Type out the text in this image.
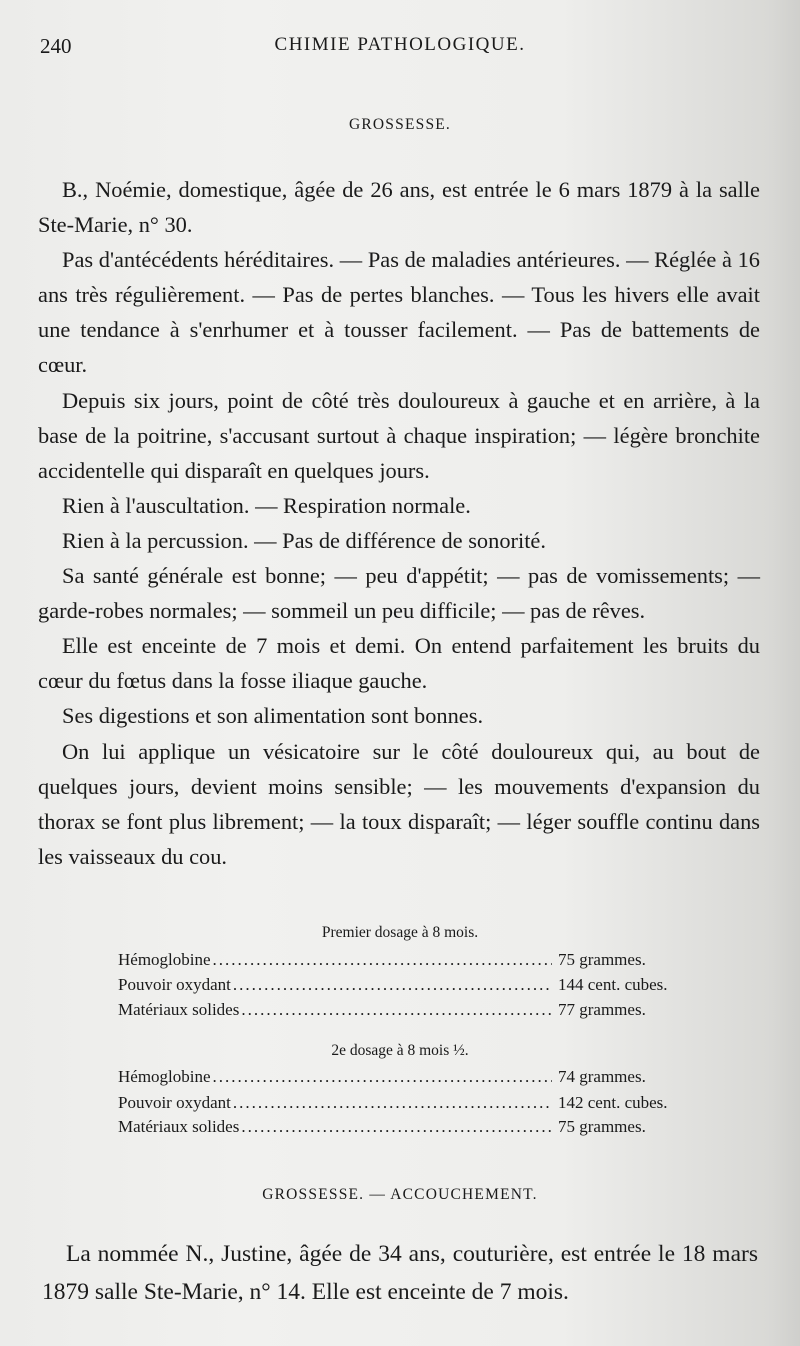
240	CHIMIE PATHOLOGIQUE.
GROSSESSE.

B., Noémie, domestique, âgée de 26 ans, est entrée le 6 mars 1879 à la salle Ste-Marie, n° 30.

Pas d'antécédents héréditaires. — Pas de maladies antérieures. — Réglée à 16 ans très régulièrement. — Pas de pertes blanches. — Tous les hivers elle avait une tendance à s'enrhumer et à tousser facilement. — Pas de battements de cœur.

Depuis six jours, point de côté très douloureux à gauche et en arrière, à la base de la poitrine, s'accusant surtout à chaque inspiration; — légère bronchite accidentelle qui disparaît en quelques jours.

Rien à l'auscultation. — Respiration normale.

Rien à la percussion. — Pas de différence de sonorité.

Sa santé générale est bonne; — peu d'appétit; — pas de vomissements; — garde-robes normales; — sommeil un peu difficile; — pas de rêves.

Elle est enceinte de 7 mois et demi. On entend parfaitement les bruits du cœur du fœtus dans la fosse iliaque gauche.

Ses digestions et son alimentation sont bonnes.

On lui applique un vésicatoire sur le côté douloureux qui, au bout de quelques jours, devient moins sensible; — les mouvements d'expansion du thorax se font plus librement; — la toux disparaît; — léger souffle continu dans les vaisseaux du cou.

Premier dosage à 8 mois.
Hémoglobine .....	75 grammes.
Pouvoir oxydant .....	144 cent. cubes.
Matériaux solides .....	77 grammes.
2e dosage à 8 mois ½.
Hémoglobine .....	74 grammes.
Pouvoir oxydant .....	142 cent. cubes.
Matériaux solides .....	75 grammes.
GROSSESSE. — ACCOUCHEMENT.

La nommée N., Justine, âgée de 34 ans, couturière, est entrée le 18 mars 1879 salle Ste-Marie, n° 14. Elle est enceinte de 7 mois.
